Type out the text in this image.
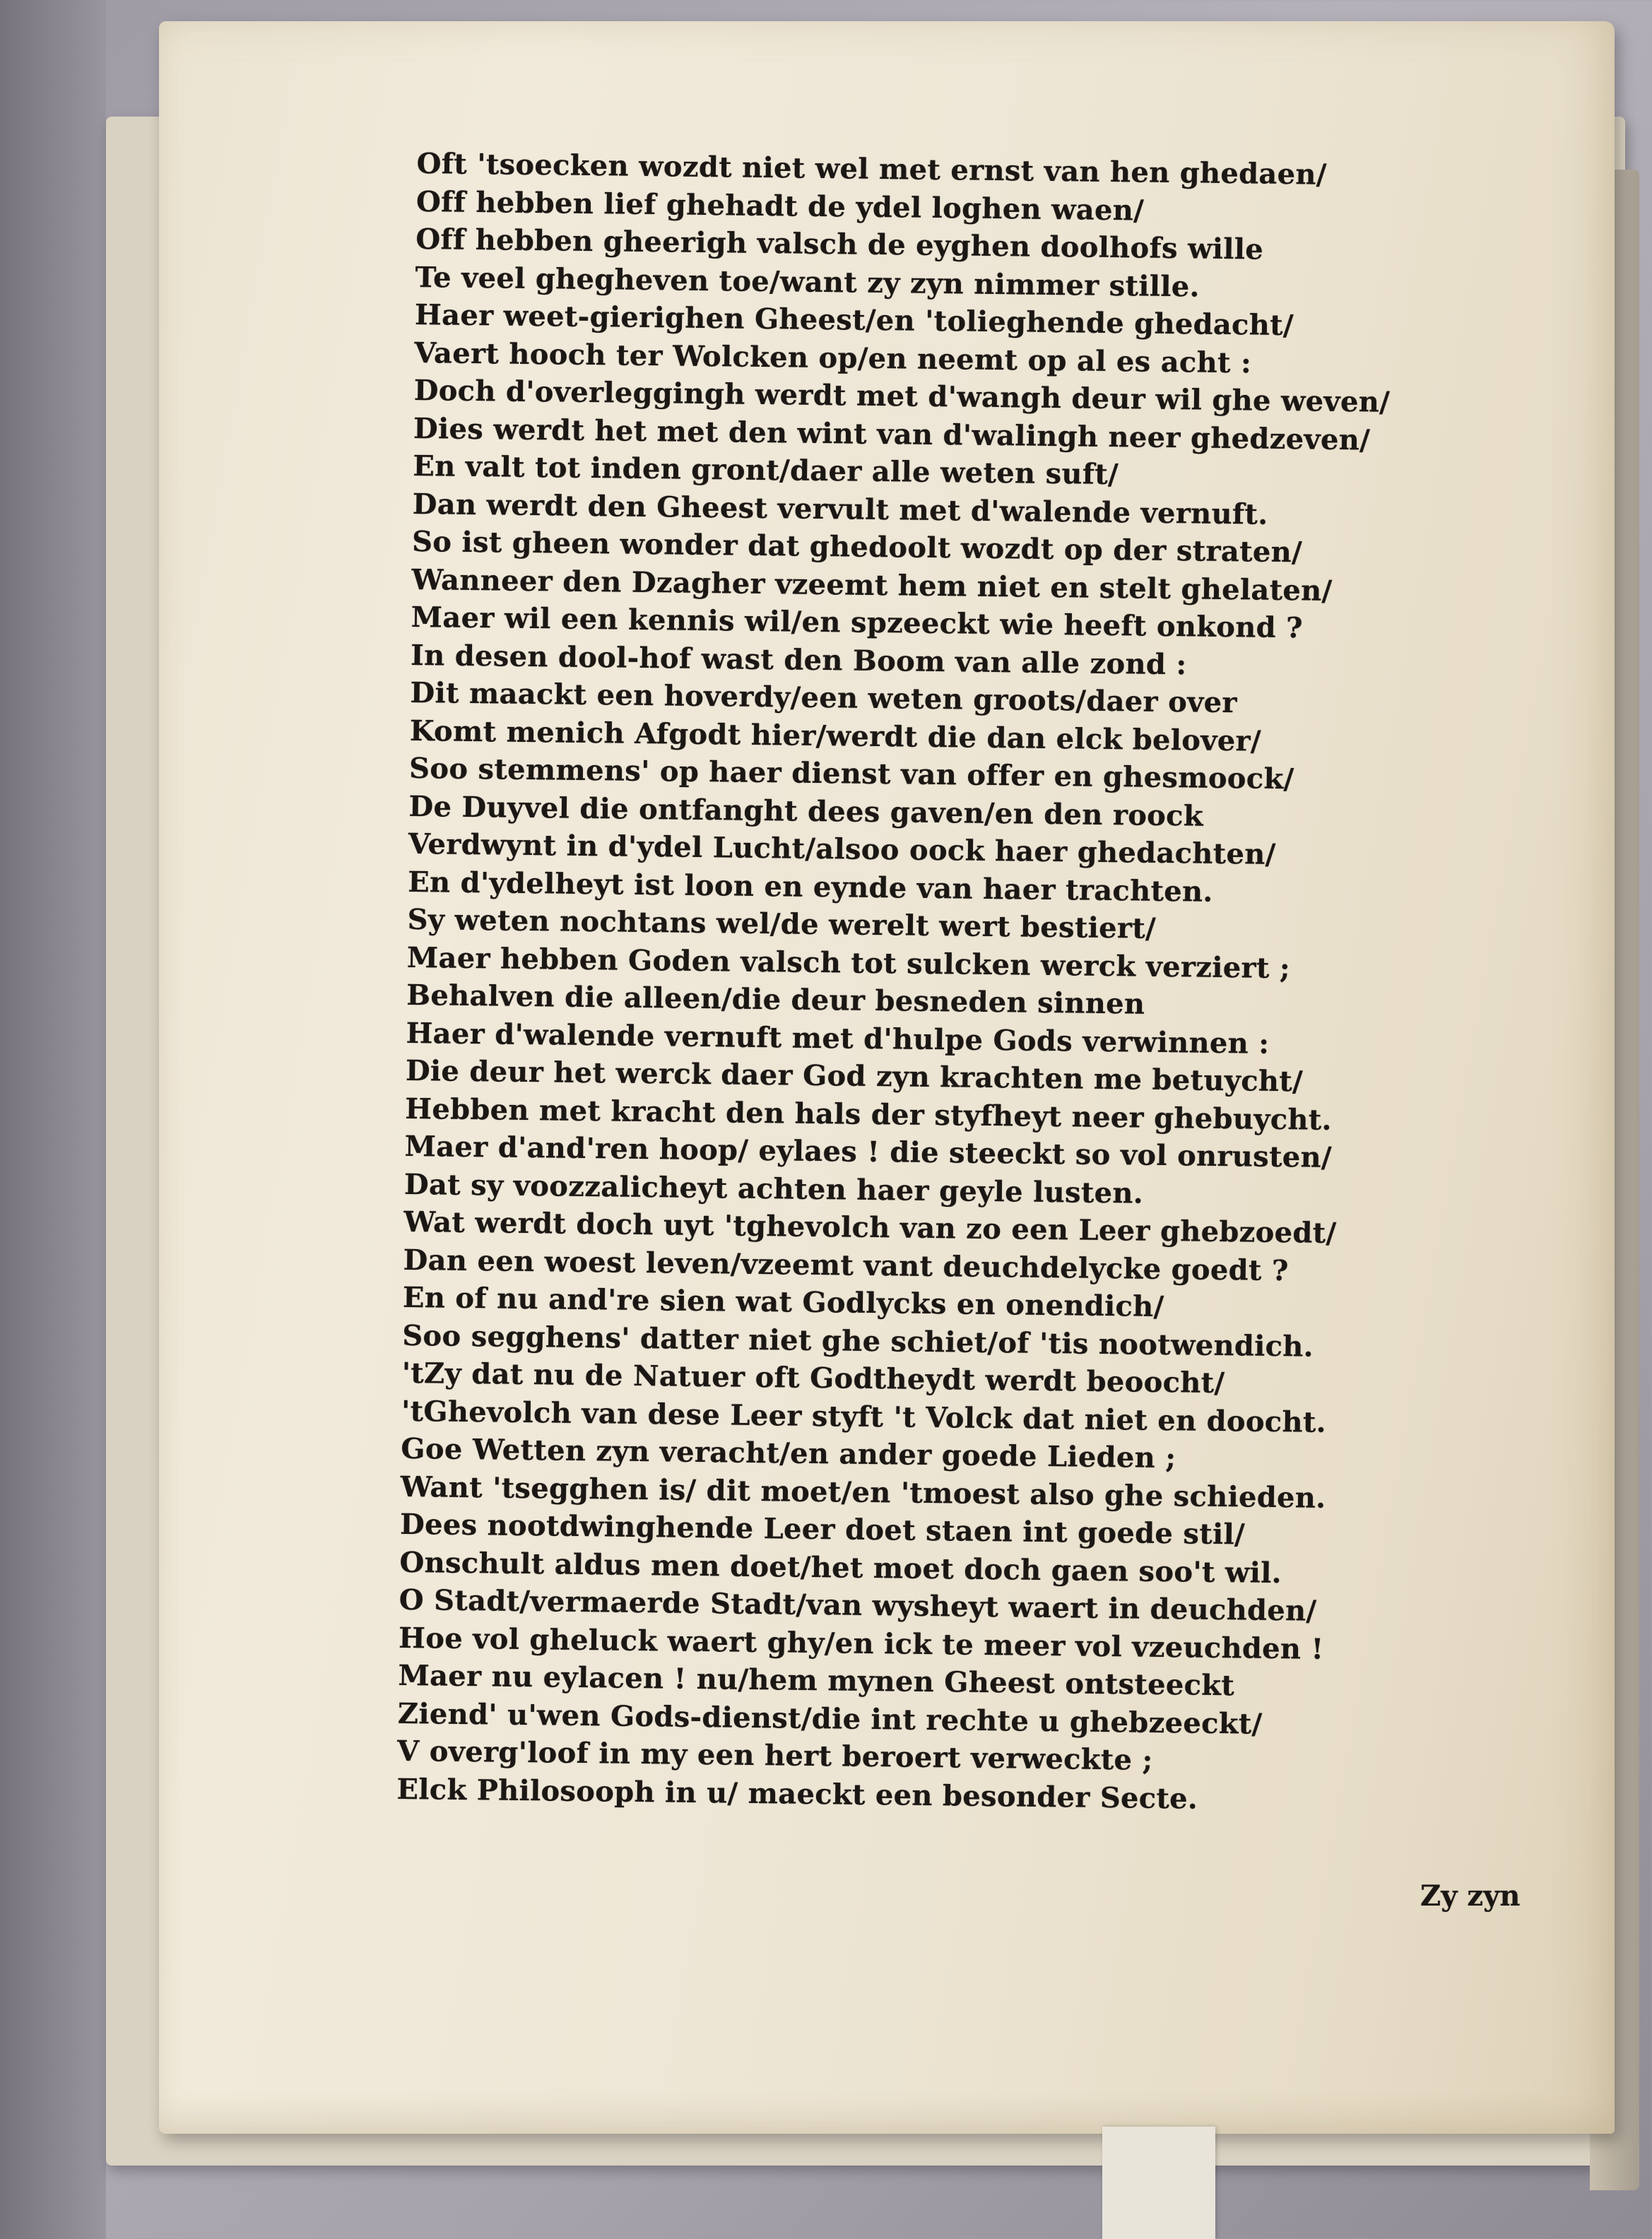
Oft 'tsoecken wozdt niet wel met ernst van hen ghedaen/
Off hebben lief ghehadt de ydel loghen waen/
Off hebben gheerigh valsch de eyghen doolhofs wille
Te veel ghegheven toe/want zy zyn nimmer stille.
Haer weet-gierighen Gheest/en 'tolieghende ghedacht/
Vaert hooch ter Wolcken op/en neemt op al es acht :
Doch d'overleggingh werdt met d'wangh deur wil ghe weven/
Dies werdt het met den wint van d'walingh neer ghedzeven/
En valt tot inden gront/daer alle weten suft/
Dan werdt den Gheest vervult met d'walende vernuft.
So ist gheen wonder dat ghedoolt wozdt op der straten/
Wanneer den Dzagher vzeemt hem niet en stelt ghelaten/
Maer wil een kennis wil/en spzeeckt wie heeft onkond ?
In desen dool-hof wast den Boom van alle zond :
Dit maackt een hoverdy/een weten groots/daer over
Komt menich Afgodt hier/werdt die dan elck belover/
Soo stemmens' op haer dienst van offer en ghesmoock/
De Duyvel die ontfanght dees gaven/en den roock
Verdwynt in d'ydel Lucht/alsoo oock haer ghedachten/
En d'ydelheyt ist loon en eynde van haer trachten.
Sy weten nochtans wel/de werelt wert bestiert/
Maer hebben Goden valsch tot sulcken werck verziert ;
Behalven die alleen/die deur besneden sinnen
Haer d'walende vernuft met d'hulpe Gods verwinnen :
Die deur het werck daer God zyn krachten me betuycht/
Hebben met kracht den hals der styfheyt neer ghebuycht.
Maer d'and'ren hoop/ eylaes ! die steeckt so vol onrusten/
Dat sy voozzalicheyt achten haer geyle lusten.
Wat werdt doch uyt 'tghevolch van zo een Leer ghebzoedt/
Dan een woest leven/vzeemt vant deuchdelycke goedt ?
En of nu and're sien wat Godlycks en onendich/
Soo segghens' datter niet ghe schiet/of 'tis nootwendich.
'tZy dat nu de Natuer oft Godtheydt werdt beoocht/
'tGhevolch van dese Leer styft 't Volck dat niet en doocht.
Goe Wetten zyn veracht/en ander goede Lieden ;
Want 'tsegghen is/ dit moet/en 'tmoest also ghe schieden.
Dees nootdwinghende Leer doet staen int goede stil/
Onschult aldus men doet/het moet doch gaen soo't wil.
O Stadt/vermaerde Stadt/van wysheyt waert in deuchden/
Hoe vol gheluck waert ghy/en ick te meer vol vzeuchden !
Maer nu eylacen ! nu/hem mynen Gheest ontsteeckt
Ziend' u'wen Gods-dienst/die int rechte u ghebzeeckt/
V overg'loof in my een hert beroert verweckte ;
Elck Philosooph in u/ maeckt een besonder Secte.
Zy zyn
